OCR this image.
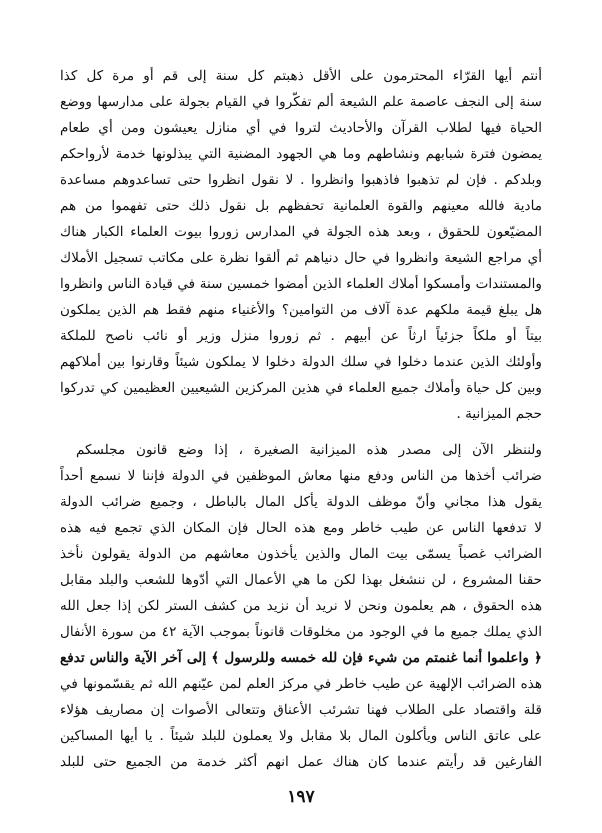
أنتم أيها القرّاء المحترمون على الأقل ذهبتم كل سنة إلى قم أو مرة كل كذا
سنة إلى النجف عاصمة علم الشيعة ألم تفكّروا في القيام بجولة على مدارسها ووضع
الحياة فيها لطلاب القرآن والأحاديث لتروا في أي منازل يعيشون ومن أي طعام
يمضون فترة شبابهم ونشاطهم وما هي الجهود المضنية التي يبذلونها خدمة لأرواحكم
وبلدكم . فإن لم تذهبوا فاذهبوا وانظروا . لا نقول انظروا حتى تساعدوهم مساعدة
مادية فالله معينهم والقوة العلمانية تحفظهم بل نقول ذلك حتى تفهموا من هم
المضيّعون للحقوق ، وبعد هذه الجولة في المدارس زوروا بيوت العلماء الكبار هناك
أي مراجع الشيعة وانظروا في حال دنياهم ثم ألقوا نظرة على مكاتب تسجيل الأملاك
والمستندات وأمسكوا أملاك العلماء الذين أمضوا خمسين سنة في قيادة الناس وانظروا
هل يبلغ قيمة ملكهم عدة آلاف من التوامين؟ والأغنياء منهم فقط هم الذين يملكون
بيتاً أو ملكاً جزئياً ارثاً عن أبيهم . ثم زوروا منزل وزير أو نائب ناصح للملكة
وأولئك الذين عندما دخلوا في سلك الدولة دخلوا لا يملكون شيئاً وقارنوا بين أملاكهم
وبين كل حياة وأملاك جميع العلماء في هذين المركزين الشيعيين العظيمين كي تدركوا
حجم الميزانية .
ولننظر الآن إلى مصدر هذه الميزانية الصغيرة ، إذا وضع قانون مجلسكم
ضرائب أخذها من الناس ودفع منها معاش الموظفين في الدولة فإننا لا نسمع أحداً
يقول هذا مجاني وأنّ موظف الدولة يأكل المال بالباطل ، وجميع ضرائب الدولة
لا تدفعها الناس عن طيب خاطر ومع هذه الحال فإن المكان الذي تجمع فيه هذه
الضرائب غصباً يسمّى بيت المال والذين يأخذون معاشهم من الدولة يقولون نأخذ
حقنا المشروع ، لن ننشغل بهذا لكن ما هي الأعمال التي أدّوها للشعب والبلد مقابل
هذه الحقوق ، هم يعلمون ونحن لا نريد أن نزيد من كشف الستر لكن إذا جعل الله
الذي يملك جميع ما في الوجود من مخلوقات قانوناً بموجب الآية ٤٢ من سورة الأنفال
﴿ واعلموا أنما غنمتم من شيء فإن لله خمسه وللرسول ﴾ إلى آخر الآية والناس تدفع
هذه الضرائب الإلهية عن طيب خاطر في مركز العلم لمن عيّنهم الله ثم يقسّمونها في
قلة واقتصاد على الطلاب فهنا تشرئب الأعناق وتتعالى الأصوات إن مصاريف هؤلاء
على عاتق الناس ويأكلون المال بلا مقابل ولا يعملون للبلد شيئاً . يا أيها المساكين
الفارغين قد رأيتم عندما كان هناك عمل انهم أكثر خدمة من الجميع حتى للبلد
١٩٧
